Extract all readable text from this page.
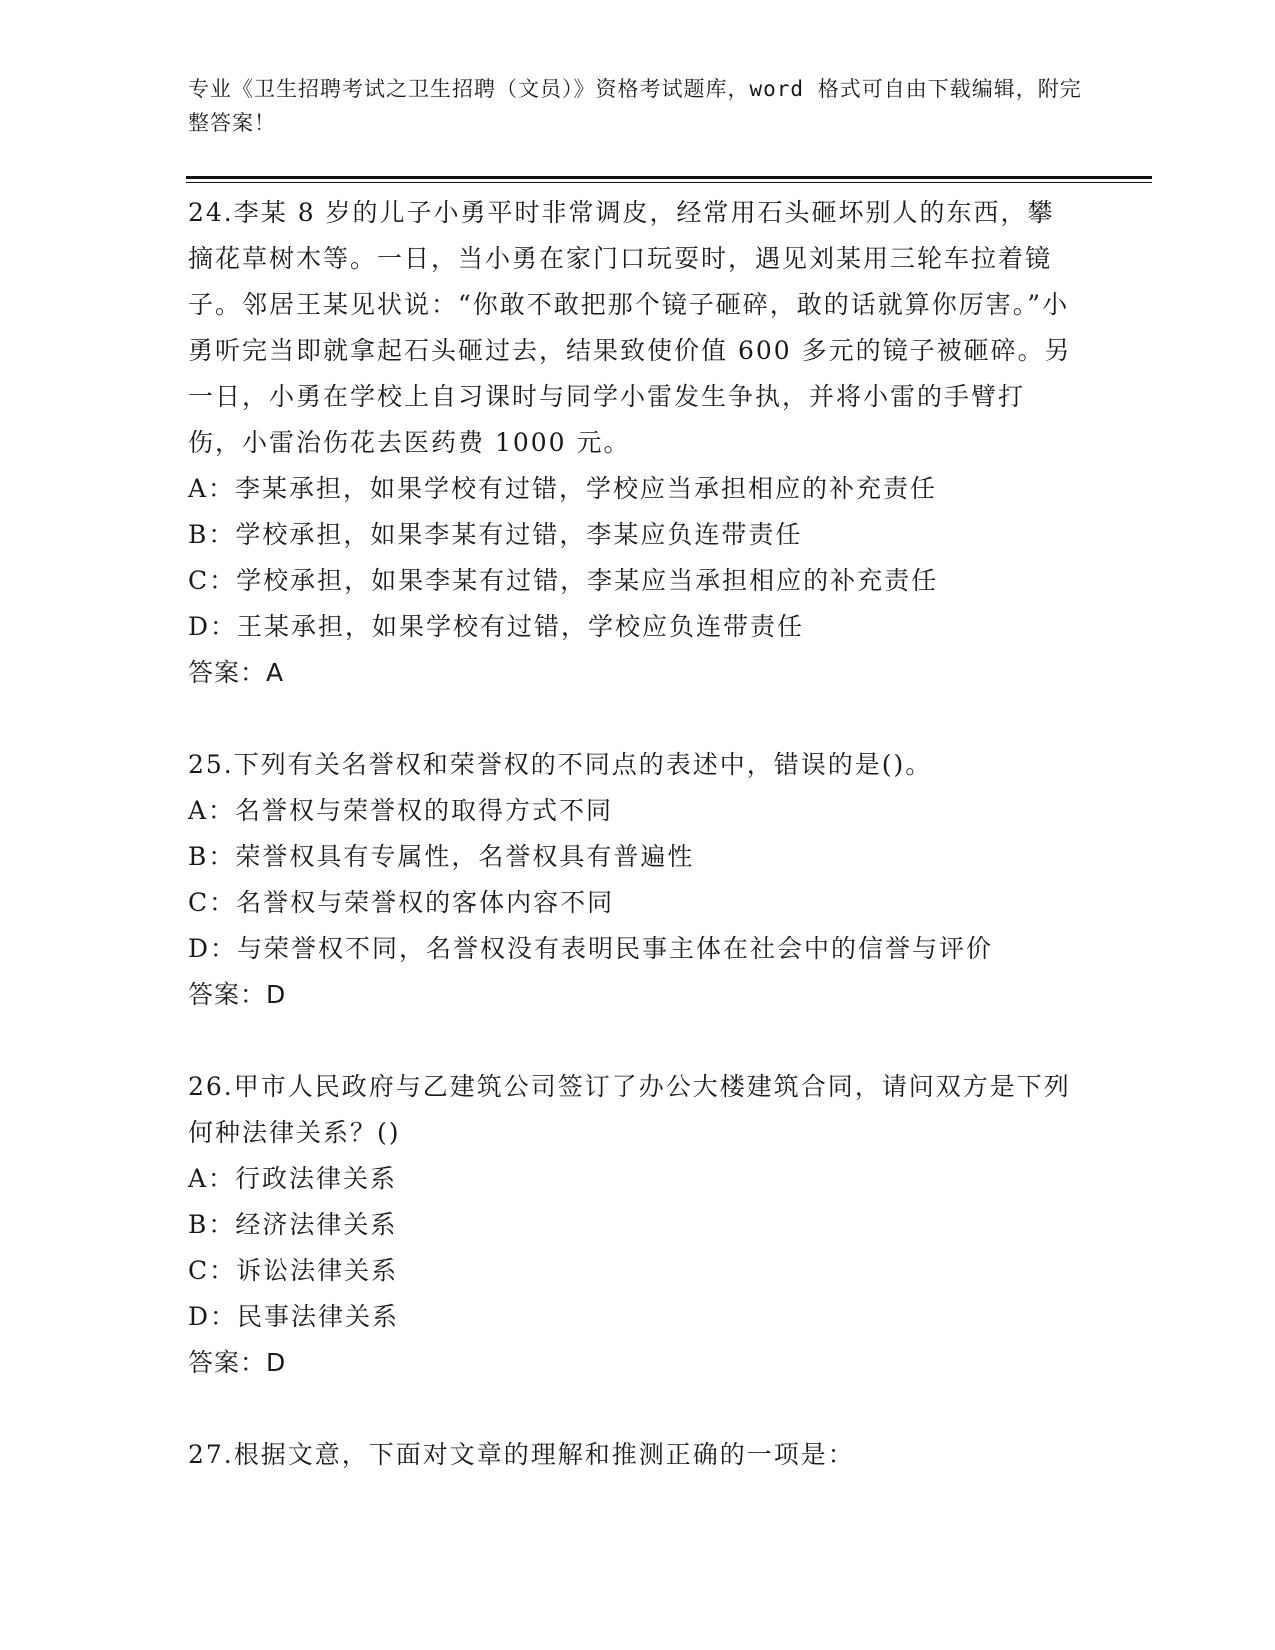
专业《卫生招聘考试之卫生招聘（文员）》资格考试题库，word 格式可自由下载编辑，附完整答案！

24.李某 8 岁的儿子小勇平时非常调皮，经常用石头砸坏别人的东西，攀摘花草树木等。一日，当小勇在家门口玩耍时，遇见刘某用三轮车拉着镜子。邻居王某见状说：“你敢不敢把那个镜子砸碎，敢的话就算你厉害。”小勇听完当即就拿起石头砸过去，结果致使价值 600 多元的镜子被砸碎。另一日，小勇在学校上自习课时与同学小雷发生争执，并将小雷的手臂打伤，小雷治伤花去医药费 1000 元。

A：李某承担，如果学校有过错，学校应当承担相应的补充责任

B：学校承担，如果李某有过错，李某应负连带责任

C：学校承担，如果李某有过错，李某应当承担相应的补充责任

D：王某承担，如果学校有过错，学校应负连带责任

答案：A

25.下列有关名誉权和荣誉权的不同点的表述中，错误的是()。

A：名誉权与荣誉权的取得方式不同

B：荣誉权具有专属性，名誉权具有普遍性

C：名誉权与荣誉权的客体内容不同

D：与荣誉权不同，名誉权没有表明民事主体在社会中的信誉与评价

答案：D

26.甲市人民政府与乙建筑公司签订了办公大楼建筑合同，请问双方是下列何种法律关系？()

A：行政法律关系

B：经济法律关系

C：诉讼法律关系

D：民事法律关系

答案：D

27.根据文意，下面对文章的理解和推测正确的一项是：
